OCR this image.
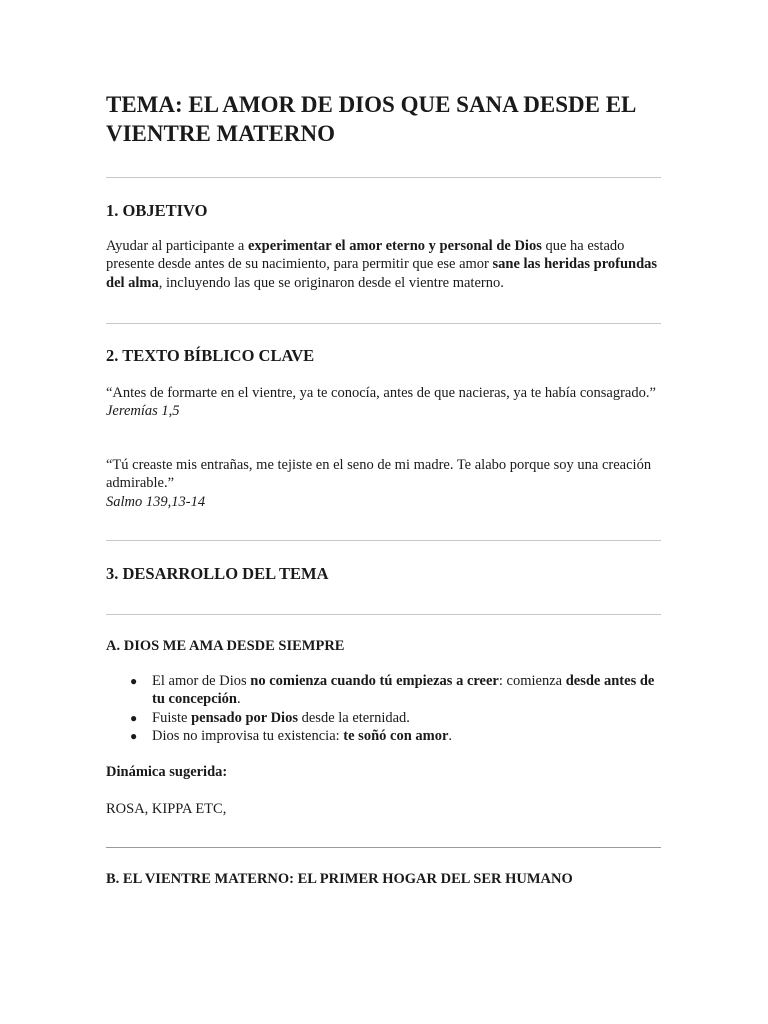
TEMA: EL AMOR DE DIOS QUE SANA DESDE EL VIENTRE MATERNO
1. OBJETIVO

Ayudar al participante a experimentar el amor eterno y personal de Dios que ha estado presente desde antes de su nacimiento, para permitir que ese amor sane las heridas profundas del alma, incluyendo las que se originaron desde el vientre materno.

2. TEXTO BÍBLICO CLAVE

“Antes de formarte en el vientre, ya te conocía, antes de que nacieras, ya te había consagrado.”
Jeremías 1,5

“Tú creaste mis entrañas, me tejiste en el seno de mi madre. Te alabo porque soy una creación admirable.”
Salmo 139,13-14

3. DESARROLLO DEL TEMA
A. DIOS ME AMA DESDE SIEMPRE
● El amor de Dios no comienza cuando tú empiezas a creer: comienza desde antes de tu concepción.
● Fuiste pensado por Dios desde la eternidad.
● Dios no improvisa tu existencia: te soñó con amor.

Dinámica sugerida:

ROSA, KIPPA ETC,

B. EL VIENTRE MATERNO: EL PRIMER HOGAR DEL SER HUMANO
